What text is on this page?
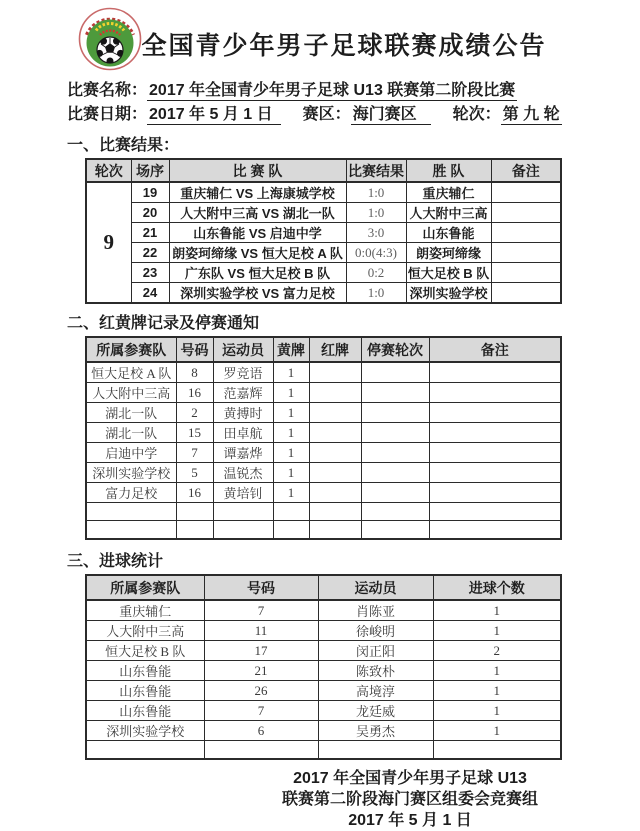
全国青少年男子足球联赛成绩公告
比赛名称： 2017 年全国青少年男子足球 U13 联赛第二阶段比赛
比赛日期： 2017 年 5 月 1 日 赛区： 海门赛区 轮次： 第 九 轮
一、比赛结果：
轮次	场序	比 赛 队	比赛结果	胜 队	备注
9	19	重庆辅仁 VS 上海康城学校	1:0	重庆辅仁	
	20	人大附中三高 VS 湖北一队	1:0	人大附中三高	
	21	山东鲁能 VS 启迪中学	3:0	山东鲁能	
	22	朗姿珂缔缘 VS 恒大足校 A 队	0:0(4:3)	朗姿珂缔缘	
	23	广东队 VS 恒大足校 B 队	0:2	恒大足校 B 队	
	24	深圳实验学校 VS 富力足校	1:0	深圳实验学校	
二、红黄牌记录及停赛通知
所属参赛队	号码	运动员	黄牌	红牌	停赛轮次	备注
恒大足校 A 队	8	罗竞语	1			
人大附中三高	16	范嘉辉	1			
湖北一队	2	黄搏时	1			
湖北一队	15	田卓航	1			
启迪中学	7	谭嘉烨	1			
深圳实验学校	5	温锐杰	1			
富力足校	16	黄培钊	1			

三、进球统计
所属参赛队	号码	运动员	进球个数
重庆辅仁	7	肖陈亚	1
人大附中三高	11	徐峻明	1
恒大足校 B 队	17	闵正阳	2
山东鲁能	21	陈致朴	1
山东鲁能	26	高境淳	1
山东鲁能	7	龙廷威	1
深圳实验学校	6	吴勇杰	1

2017 年全国青少年男子足球 U13
联赛第二阶段海门赛区组委会竞赛组
2017 年 5 月 1 日
